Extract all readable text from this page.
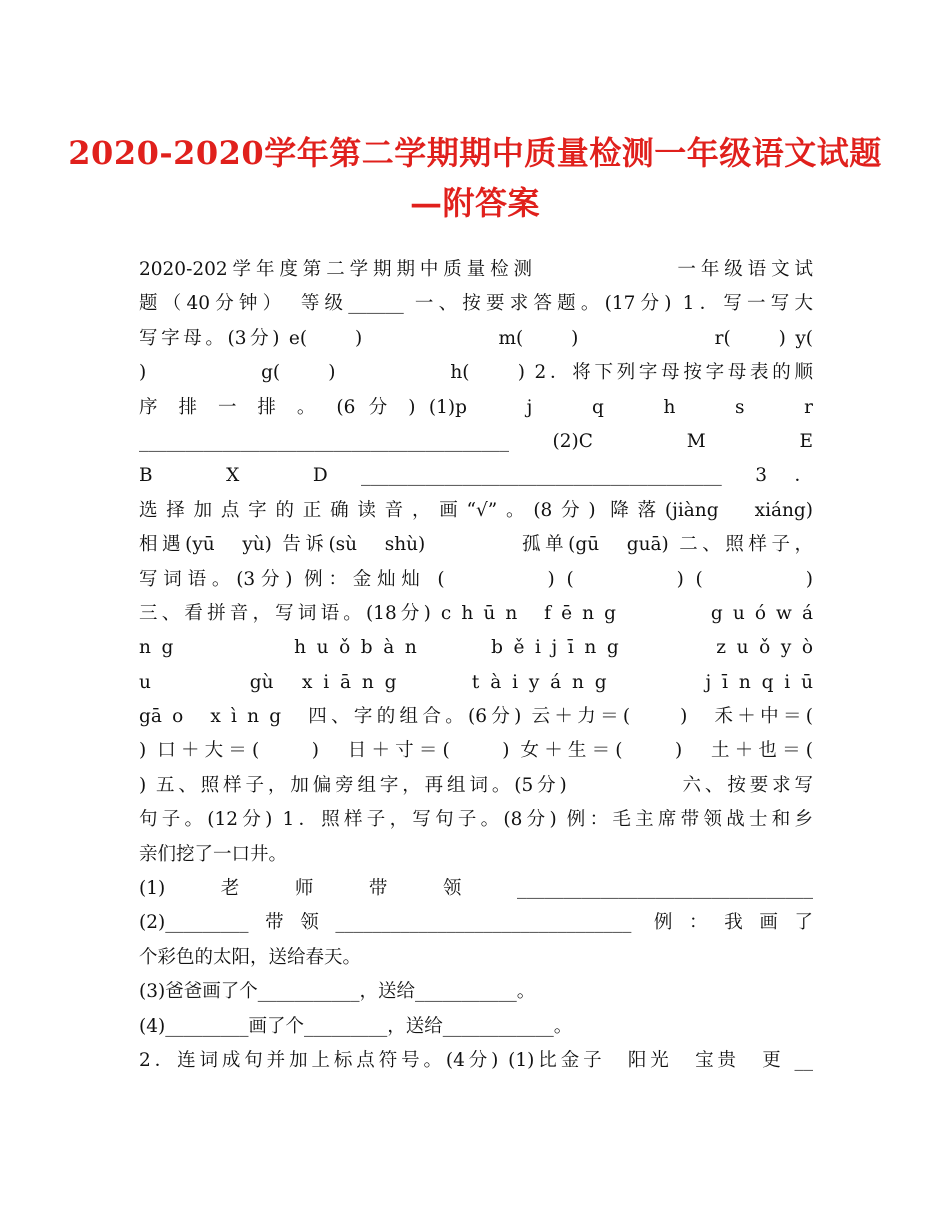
2020-2020学年第二学期期中质量检测一年级语文试题
—附答案
2020-202学年度第二学期期中质量检测　　　　　　一年级语文试
题（40分钟）　等级______ 一、按要求答题。(17分) 1．写一写大
写字母。(3分) e(　　)　　　　　　m(　　)　　　　　　r(　　) y(
)　　　　　g(　　)　　　　　h(　　) 2．将下列字母按字母表的顺
序 排 一 排 。 (6 分 ) (1)p　　j　　q　　h　　s　　r
________________________________________ (2)C　M　E
B　X　D _______________________________________ 3．
选择加点字的正确读音，画“√”。(8分) 降落(jiàng　xiáng)
相遇(yū　yù) 告诉(sù　shù)　　　　孤单(gū　guā) 二、照样子，
写词语。(3分) 例：金灿灿 (　　　　) (　　　　) (　　　　)
三、看拼音，写词语。(18分) c h ū n　f ē n g　　　　g u ó w á
n g　　　　　h u ǒ b à n　　　b ě i j ī n g　　　　z u ǒ y ò
u　　　　gù　x i ā n g　　　t à i y á n g　　　　j ī n q i ū
gā o　x ì n g　四、字的组合。(6分) 云＋力＝(　　)　禾＋中＝(
) 口＋大＝(　　)　日＋寸＝(　　) 女＋生＝(　　)　土＋也＝(
) 五、照样子，加偏旁组字，再组词。(5分)　　　　　六、按要求写
句子。(12分) 1．照样子，写句子。(8分) 例：毛主席带领战士和乡
亲们挖了一口井。
(1)　老　师　带　领　________________________________
(2)_________带领________________________________ 例：我画了
个彩色的太阳，送给春天。
(3)爸爸画了个___________，送给___________。
(4)_________画了个_________，送给____________。
2．连词成句并加上标点符号。(4分) (1)比金子　阳光　宝贵　更 __
